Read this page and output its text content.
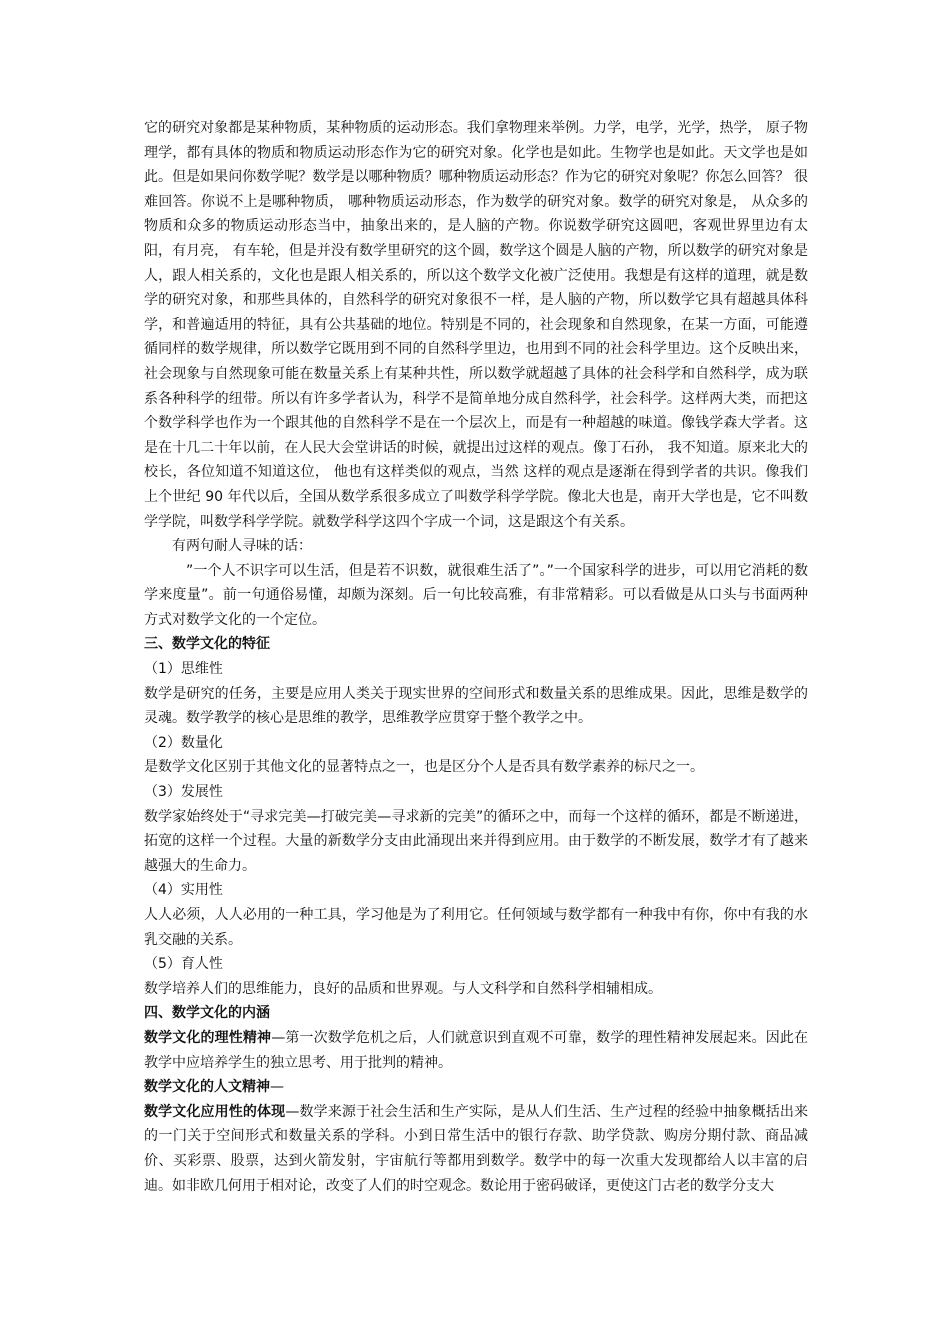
它的研究对象都是某种物质，某种物质的运动形态。我们拿物理来举例。力学，电学，光学，热学， 原子物理学，都有具体的物质和物质运动形态作为它的研究对象。化学也是如此。生物学也是如此。天文学也是如此。但是如果问你数学呢？数学是以哪种物质？哪种物质运动形态？作为它的研究对象呢？你怎么回答？ 很难回答。你说不上是哪种物质， 哪种物质运动形态，作为数学的研究对象。数学的研究对象是， 从众多的物质和众多的物质运动形态当中，抽象出来的，是人脑的产物。你说数学研究这圆吧，客观世界里边有太阳，有月亮， 有车轮，但是并没有数学里研究的这个圆，数学这个圆是人脑的产物，所以数学的研究对象是人，跟人相关系的，文化也是跟人相关系的，所以这个数学文化被广泛使用。我想是有这样的道理，就是数学的研究对象，和那些具体的，自然科学的研究对象很不一样，是人脑的产物，所以数学它具有超越具体科学，和普遍适用的特征，具有公共基础的地位。特别是不同的，社会现象和自然现象，在某一方面，可能遵循同样的数学规律，所以数学它既用到不同的自然科学里边，也用到不同的社会科学里边。这个反映出来，社会现象与自然现象可能在数量关系上有某种共性，所以数学就超越了具体的社会科学和自然科学，成为联系各种科学的纽带。所以有许多学者认为，科学不是简单地分成自然科学，社会科学。这样两大类，而把这个数学科学也作为一个跟其他的自然科学不是在一个层次上，而是有一种超越的味道。像钱学森大学者。这是在十几二十年以前，在人民大会堂讲话的时候，就提出过这样的观点。像丁石孙， 我不知道。原来北大的校长，各位知道不知道这位， 他也有这样类似的观点，当然 这样的观点是逐渐在得到学者的共识。像我们上个世纪 90 年代以后，全国从数学系很多成立了叫数学科学学院。像北大也是，南开大学也是，它不叫数学学院，叫数学科学学院。就数学科学这四个字成一个词，这是跟这个有关系。

有两句耐人寻味的话：

”一个人不识字可以生活，但是若不识数，就很难生活了”。”一个国家科学的进步，可以用它消耗的数学来度量”。前一句通俗易懂，却颇为深刻。后一句比较高雅，有非常精彩。可以看做是从口头与书面两种方式对数学文化的一个定位。

三、数学文化的特征

（1）思维性

数学是研究的任务，主要是应用人类关于现实世界的空间形式和数量关系的思维成果。因此，思维是数学的灵魂。数学教学的核心是思维的教学，思维教学应贯穿于整个教学之中。

（2）数量化

是数学文化区别于其他文化的显著特点之一，也是区分个人是否具有数学素养的标尺之一。

（3）发展性

数学家始终处于“寻求完美—打破完美—寻求新的完美”的循环之中，而每一个这样的循环，都是不断递进，拓宽的这样一个过程。大量的新数学分支由此涌现出来并得到应用。由于数学的不断发展，数学才有了越来越强大的生命力。

（4）实用性

人人必须，人人必用的一种工具，学习他是为了利用它。任何领域与数学都有一种我中有你，你中有我的水乳交融的关系。

（5）育人性

数学培养人们的思维能力，良好的品质和世界观。与人文科学和自然科学相辅相成。

四、数学文化的内涵

数学文化的理性精神—第一次数学危机之后，人们就意识到直观不可靠，数学的理性精神发展起来。因此在教学中应培养学生的独立思考、用于批判的精神。

数学文化的人文精神—

数学文化应用性的体现—数学来源于社会生活和生产实际，是从人们生活、生产过程的经验中抽象概括出来的一门关于空间形式和数量关系的学科。小到日常生活中的银行存款、助学贷款、购房分期付款、商品减价、买彩票、股票，达到火箭发射，宇宙航行等都用到数学。数学中的每一次重大发现都给人以丰富的启迪。如非欧几何用于相对论，改变了人们的时空观念。数论用于密码破译，更使这门古老的数学分支大
